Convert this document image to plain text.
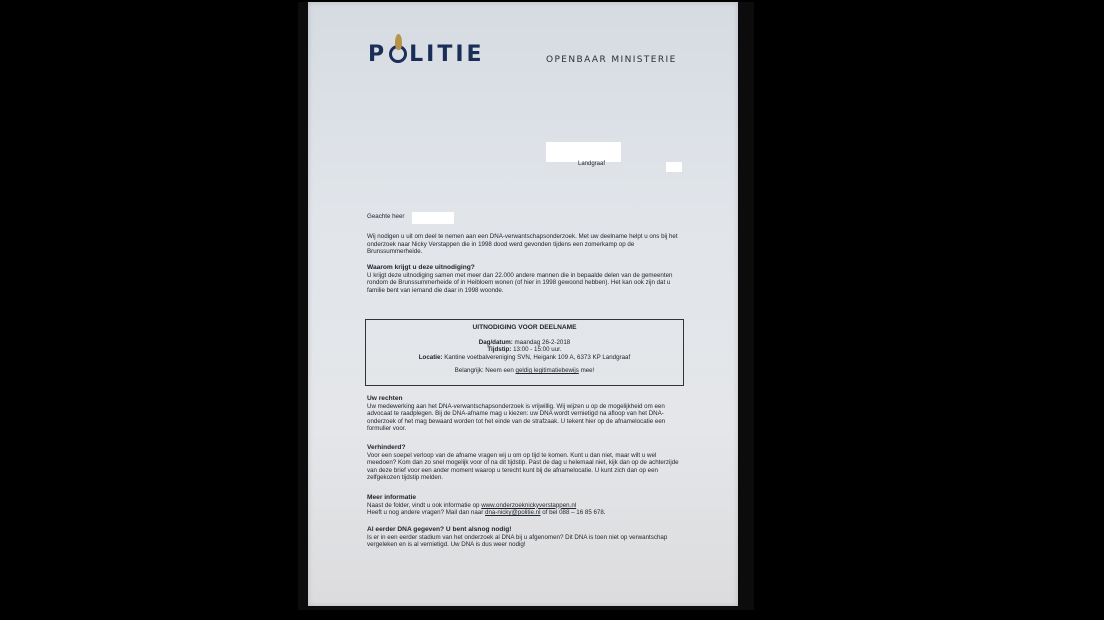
P LITIE	OPENBAAR MINISTERIE
Landgraaf
Geachte heer
Wij nodigen u uit om deel te nemen aan een DNA-verwantschapsonderzoek. Met uw deelname helpt u ons bij het onderzoek naar Nicky Verstappen die in 1998 dood werd gevonden tijdens een zomerkamp op de Brunssummerheide.
Waarom krijgt u deze uitnodiging?
U krijgt deze uitnodiging samen met meer dan 22.000 andere mannen die in bepaalde delen van de gemeenten rondom de Brunssummerheide of in Heibloem wonen (of hier in 1998 gewoond hebben). Het kan ook zijn dat u familie bent van iemand die daar in 1998 woonde.
UITNODIGING VOOR DEELNAME
Dag/datum: maandag 26-2-2018
Tijdstip: 13:00 - 15:00 uur.
Locatie: Kantine voetbalvereniging SVN, Heigank 109 A, 6373 KP Landgraaf
Belangrijk: Neem een geldig legitimatiebewijs mee!
Uw rechten
Uw medewerking aan het DNA-verwantschapsonderzoek is vrijwillig. Wij wijzen u op de mogelijkheid om een advocaat te raadplegen. Bij de DNA-afname mag u kiezen: uw DNA wordt vernietigd na afloop van het DNA-onderzoek of het mag bewaard worden tot het einde van de strafzaak. U tekent hier op de afnamelocatie een formulier voor.
Verhinderd?
Voor een soepel verloop van de afname vragen wij u om op tijd te komen. Kunt u dan niet, maar wilt u wel meedoen? Kom dan zo snel mogelijk voor of na dit tijdstip. Past de dag u helemaal niet, kijk dan op de achterzijde van deze brief voor een ander moment waarop u terecht kunt bij de afnamelocatie. U kunt zich dan op een zelfgekozen tijdstip melden.
Meer informatie
Naast de folder, vindt u ook informatie op www.onderzoeknickyverstappen.nl
Heeft u nog andere vragen? Mail dan naar dna-nicky@politie.nl of bel 088 – 16 85 678.
Al eerder DNA gegeven? U bent alsnog nodig!
Is er in een eerder stadium van het onderzoek al DNA bij u afgenomen? Dit DNA is toen niet op verwantschap vergeleken en is al vernietigd. Uw DNA is dus weer nodig!
